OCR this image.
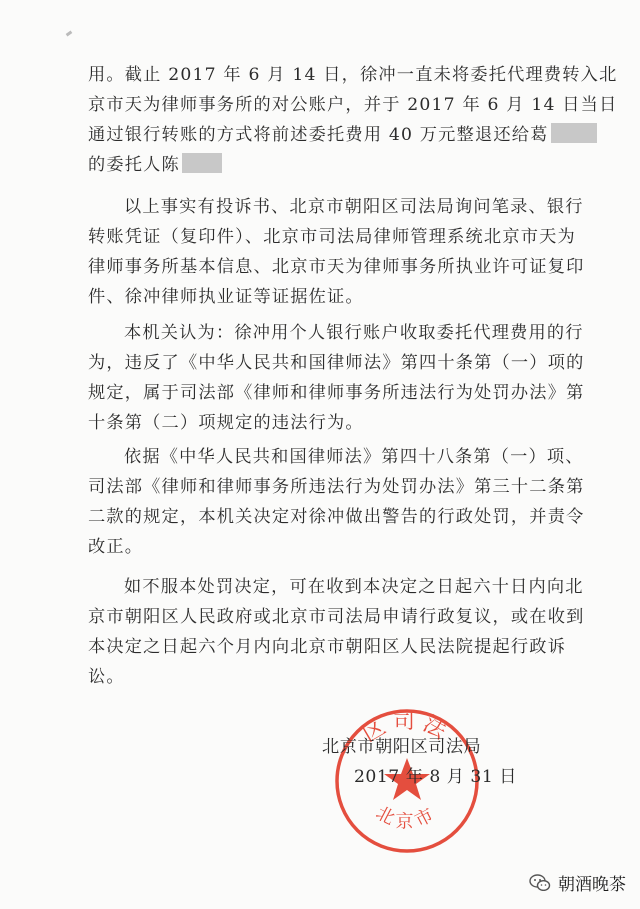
用。截止 2017 年 6 月 14 日，徐冲一直未将委托代理费转入北
京市天为律师事务所的对公账户，并于 2017 年 6 月 14 日当日
通过银行转账的方式将前述委托费用 40 万元整退还给葛
的委托人陈

以上事实有投诉书、北京市朝阳区司法局询问笔录、银行
转账凭证（复印件）、北京市司法局律师管理系统北京市天为
律师事务所基本信息、北京市天为律师事务所执业许可证复印
件、徐冲律师执业证等证据佐证。

本机关认为：徐冲用个人银行账户收取委托代理费用的行
为，违反了《中华人民共和国律师法》第四十条第（一）项的
规定，属于司法部《律师和律师事务所违法行为处罚办法》第
十条第（二）项规定的违法行为。

依据《中华人民共和国律师法》第四十八条第（一）项、
司法部《律师和律师事务所违法行为处罚办法》第三十二条第
二款的规定，本机关决定对徐冲做出警告的行政处罚，并责令
改正。

如不服本处罚决定，可在收到本决定之日起六十日内向北
京市朝阳区人民政府或北京市司法局申请行政复议，或在收到
本决定之日起六个月内向北京市朝阳区人民法院提起行政诉
讼。

区司法
北京市
北京市朝阳区司法局
2017 年 8 月 31 日
朝酒晚茶
